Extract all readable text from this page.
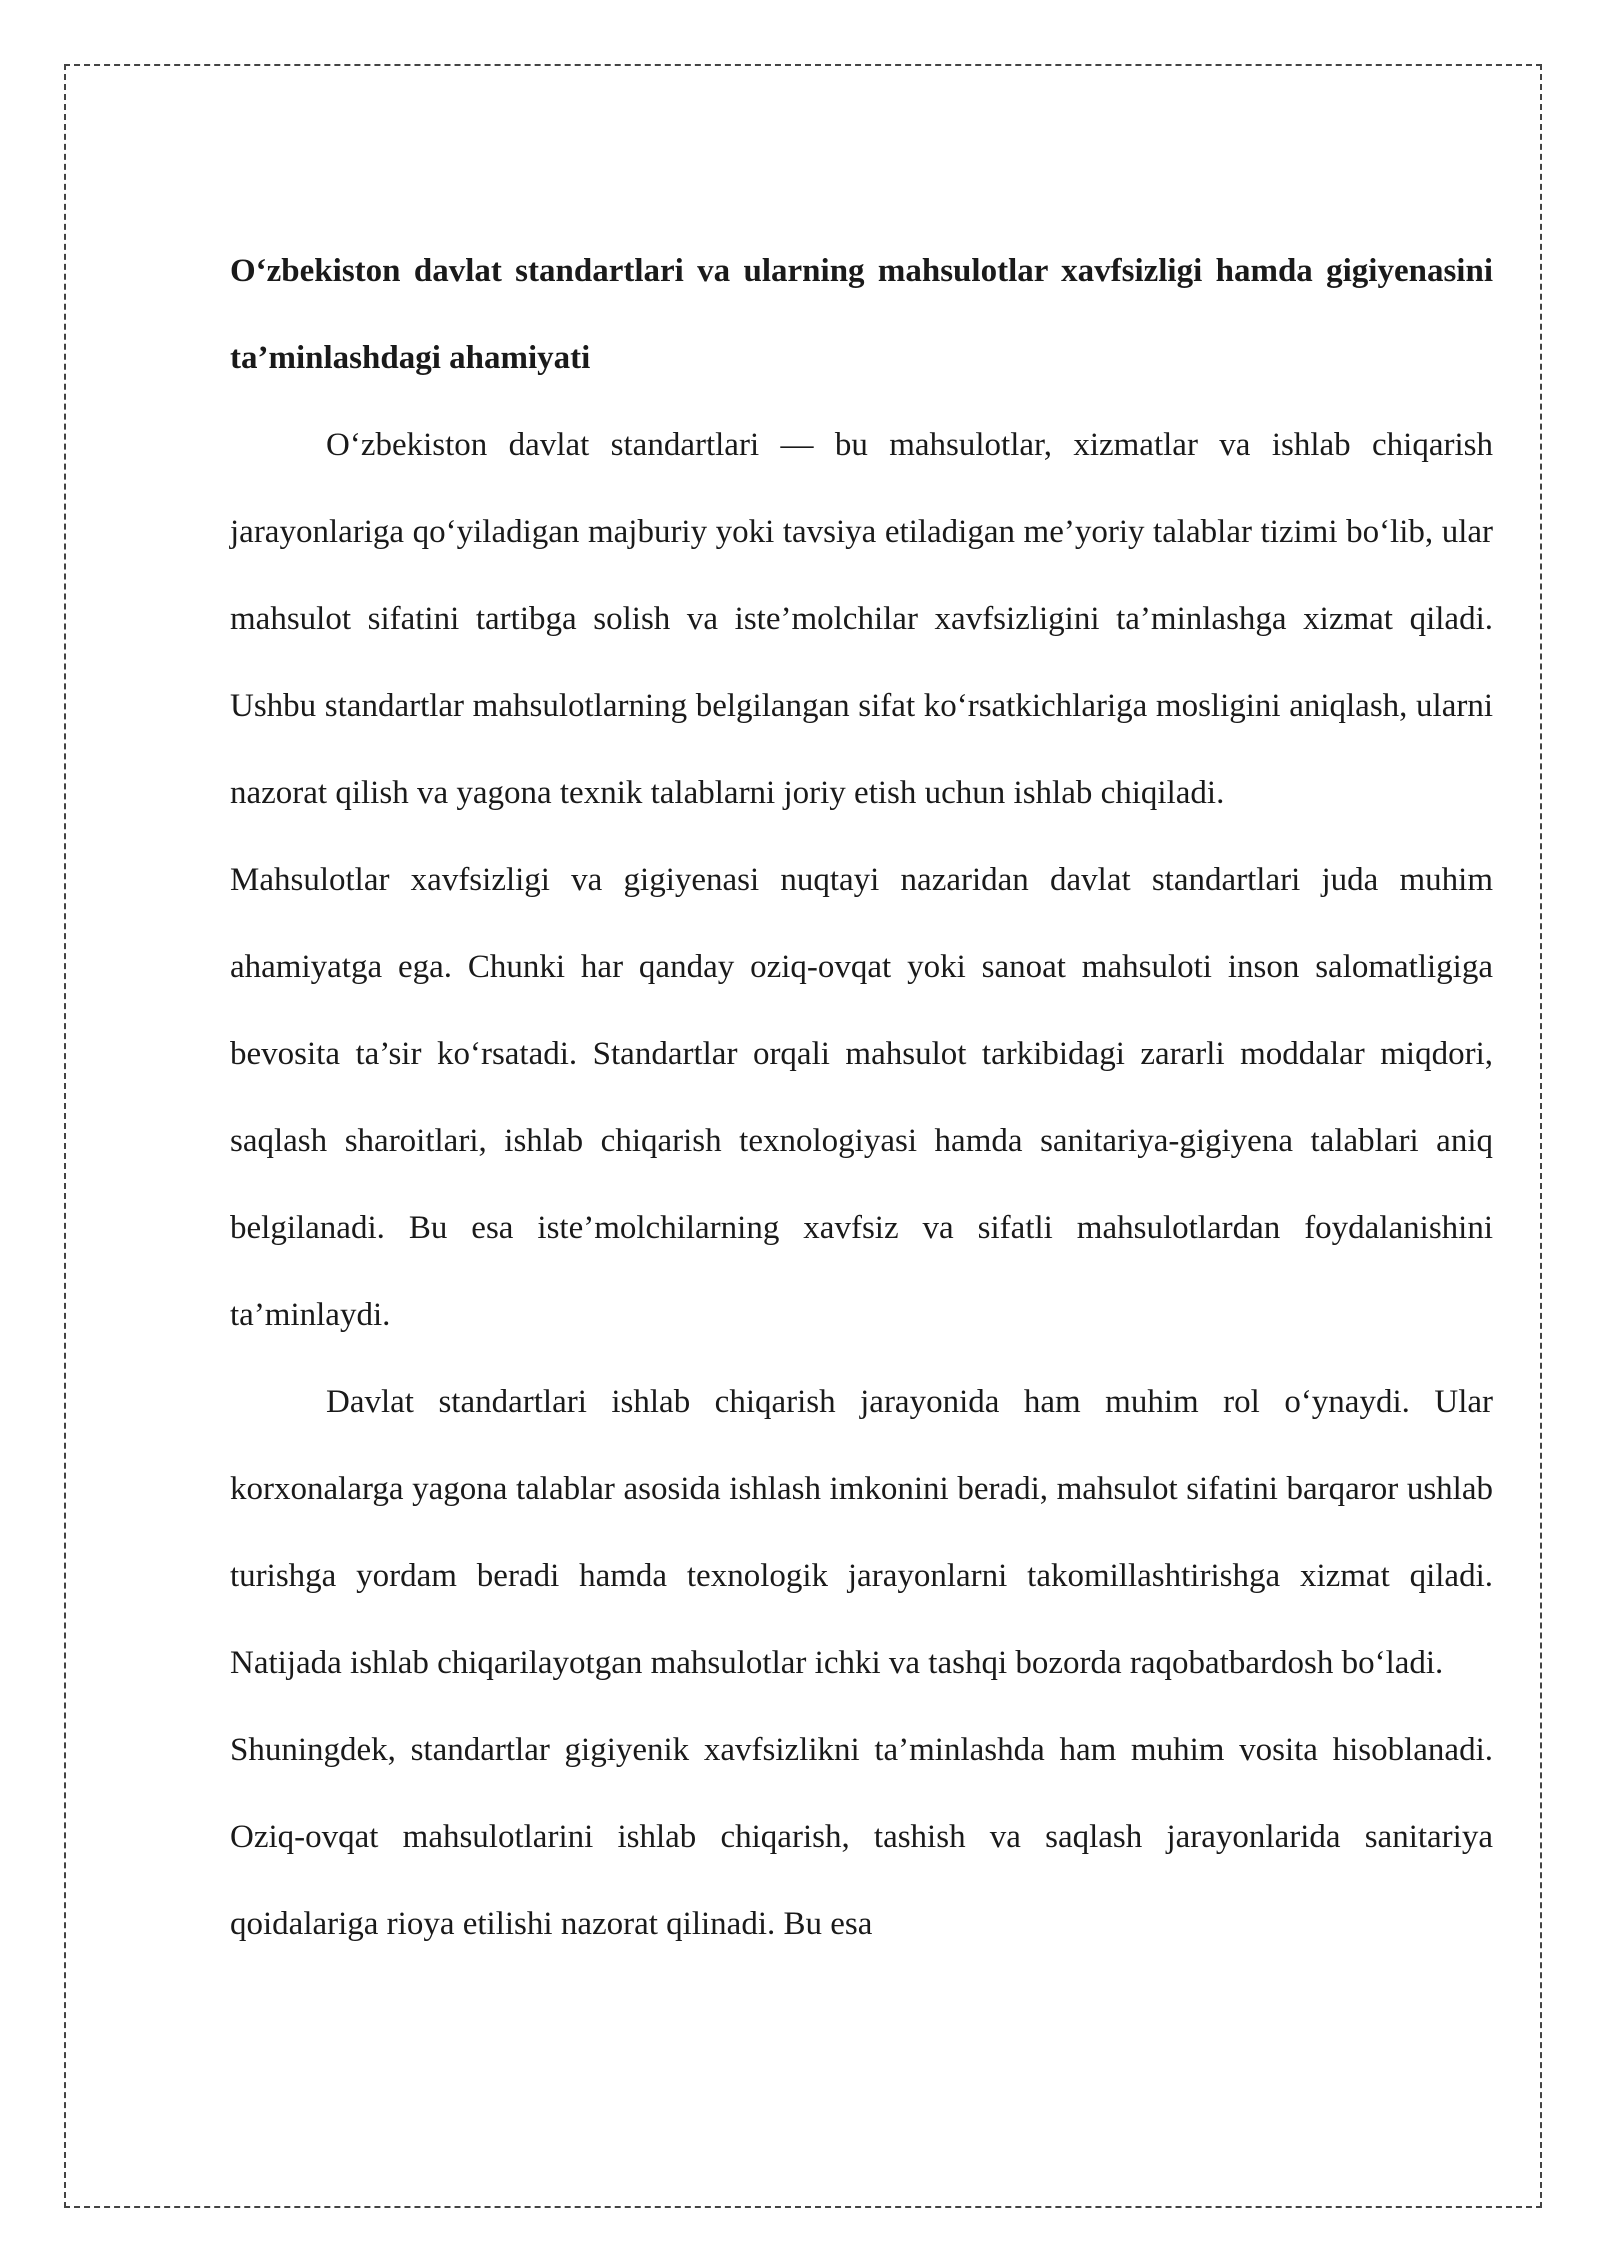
O‘zbekiston davlat standartlari va ularning mahsulotlar xavfsizligi hamda gigiyenasini ta’minlashdagi ahamiyati

O‘zbekiston davlat standartlari — bu mahsulotlar, xizmatlar va ishlab chiqarish jarayonlariga qo‘yiladigan majburiy yoki tavsiya etiladigan me’yoriy talablar tizimi bo‘lib, ular mahsulot sifatini tartibga solish va iste’molchilar xavfsizligini ta’minlashga xizmat qiladi. Ushbu standartlar mahsulotlarning belgilangan sifat ko‘rsatkichlariga mosligini aniqlash, ularni nazorat qilish va yagona texnik talablarni joriy etish uchun ishlab chiqiladi.

Mahsulotlar xavfsizligi va gigiyenasi nuqtayi nazaridan davlat standartlari juda muhim ahamiyatga ega. Chunki har qanday oziq-ovqat yoki sanoat mahsuloti inson salomatligiga bevosita ta’sir ko‘rsatadi. Standartlar orqali mahsulot tarkibidagi zararli moddalar miqdori, saqlash sharoitlari, ishlab chiqarish texnologiyasi hamda sanitariya-gigiyena talablari aniq belgilanadi. Bu esa iste’molchilarning xavfsiz va sifatli mahsulotlardan foydalanishini ta’minlaydi.

Davlat standartlari ishlab chiqarish jarayonida ham muhim rol o‘ynaydi. Ular korxonalarga yagona talablar asosida ishlash imkonini beradi, mahsulot sifatini barqaror ushlab turishga yordam beradi hamda texnologik jarayonlarni takomillashtirishga xizmat qiladi. Natijada ishlab chiqarilayotgan mahsulotlar ichki va tashqi bozorda raqobatbardosh bo‘ladi.

Shuningdek, standartlar gigiyenik xavfsizlikni ta’minlashda ham muhim vosita hisoblanadi. Oziq-ovqat mahsulotlarini ishlab chiqarish, tashish va saqlash jarayonlarida sanitariya qoidalariga rioya etilishi nazorat qilinadi. Bu esa
